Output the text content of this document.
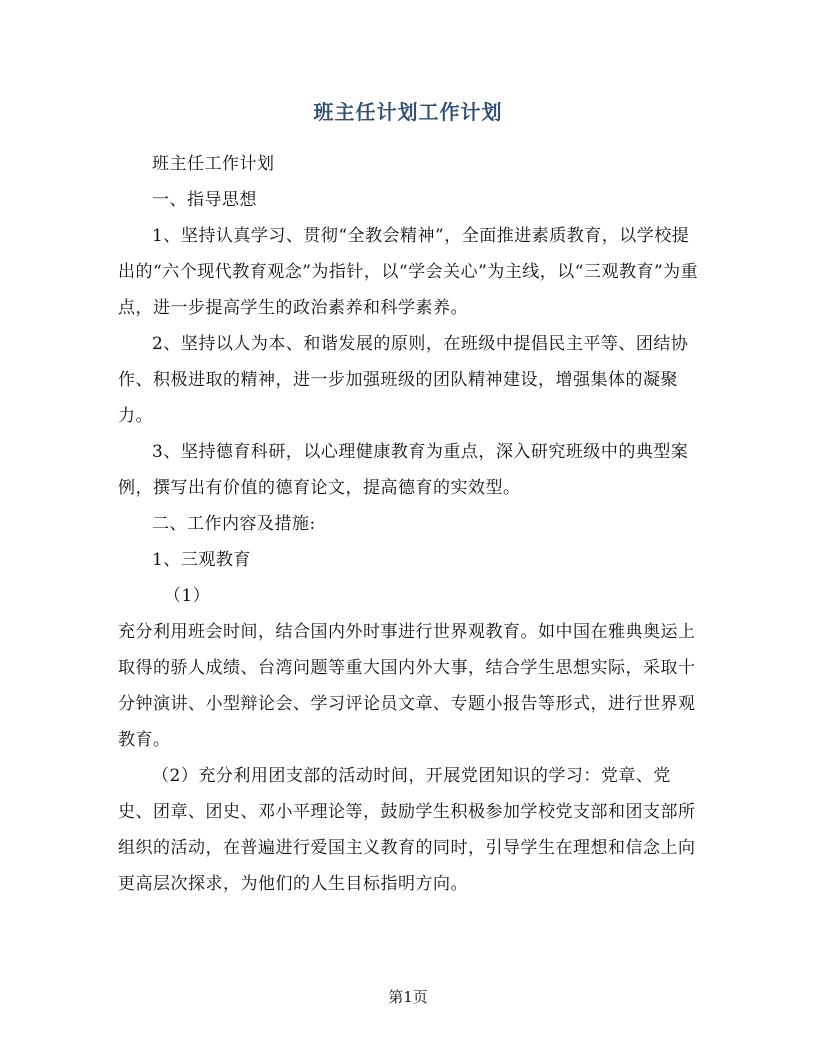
班主任计划工作计划

班主任工作计划

一、指导思想

1、坚持认真学习、贯彻“全教会精神”，全面推进素质教育，以学校提出的“六个现代教育观念”为指针，以“学会关心”为主线，以“三观教育”为重点，进一步提高学生的政治素养和科学素养。

2、坚持以人为本、和谐发展的原则，在班级中提倡民主平等、团结协作、积极进取的精神，进一步加强班级的团队精神建设，增强集体的凝聚力。

3、坚持德育科研，以心理健康教育为重点，深入研究班级中的典型案例，撰写出有价值的德育论文，提高德育的实效型。

二、工作内容及措施:

1、三观教育

（1）

充分利用班会时间，结合国内外时事进行世界观教育。如中国在雅典奥运上取得的骄人成绩、台湾问题等重大国内外大事，结合学生思想实际，采取十分钟演讲、小型辩论会、学习评论员文章、专题小报告等形式，进行世界观教育。

（2）充分利用团支部的活动时间，开展党团知识的学习：党章、党史、团章、团史、邓小平理论等，鼓励学生积极参加学校党支部和团支部所组织的活动，在普遍进行爱国主义教育的同时，引导学生在理想和信念上向更高层次探求，为他们的人生目标指明方向。

第1页
